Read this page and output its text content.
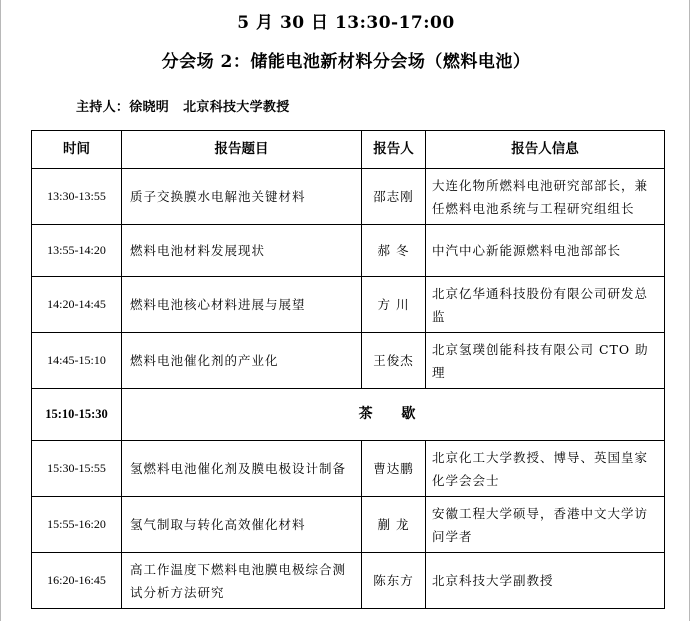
5 月 30 日 13:30-17:00
分会场 2：储能电池新材料分会场（燃料电池）
主持人：徐晓明 北京科技大学教授
时间	报告题目	报告人	报告人信息
13:30-13:55	质子交换膜水电解池关键材料	邵志刚	大连化物所燃料电池研究部部长，兼
任燃料电池系统与工程研究组组长

13:55-14:20	燃料电池材料发展现状	郝 冬	中汽中心新能源燃料电池部部长

14:20-14:45	燃料电池核心材料进展与展望	方 川	北京亿华通科技股份有限公司研发总
监

14:45-15:10	燃料电池催化剂的产业化	王俊杰	北京氢璞创能科技有限公司 CTO 助
理

15:10-15:30	茶 歇		
15:30-15:55	氢燃料电池催化剂及膜电极设计制备	曹达鹏	北京化工大学教授、博导、英国皇家
化学会会士

15:55-16:20	氢气制取与转化高效催化材料	蒯 龙	安徽工程大学硕导，香港中文大学访
问学者

16:20-16:45	高工作温度下燃料电池膜电极综合测
试分析方法研究	陈东方	北京科技大学副教授
